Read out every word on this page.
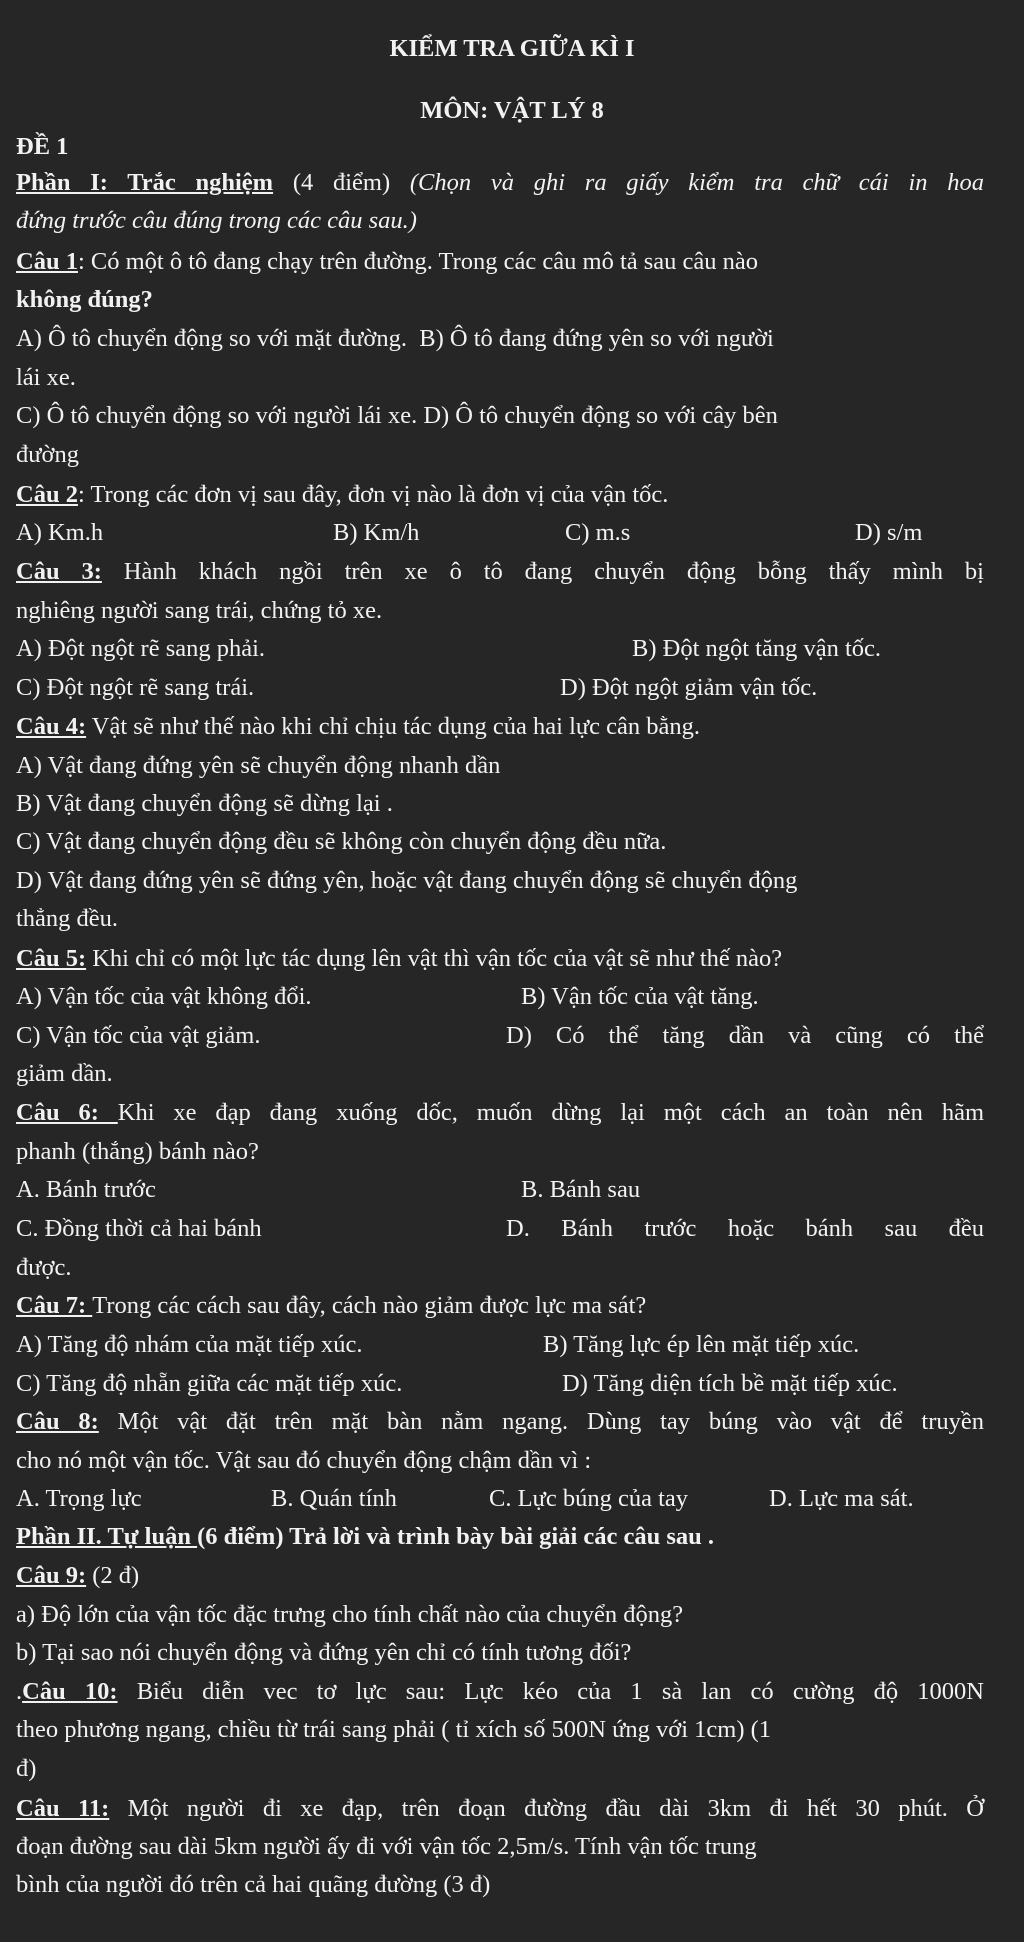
KIỂM TRA GIỮA KÌ I
MÔN: VẬT LÝ 8
ĐỀ 1
Phần I: Trắc nghiệm (4 điểm) (Chọn và ghi ra giấy kiểm tra chữ cái in hoa
đứng trước câu đúng trong các câu sau.)
Câu 1: Có một ô tô đang chạy trên đường. Trong các câu mô tả sau câu nào
không đúng?
A) Ô tô chuyển động so với mặt đường. B) Ô tô đang đứng yên so với người
lái xe.
C) Ô tô chuyển động so với người lái xe. D) Ô tô chuyển động so với cây bên
đường
Câu 2: Trong các đơn vị sau đây, đơn vị nào là đơn vị của vận tốc.
A) Km.h	B) Km/h	C) m.s	D) s/m
Câu 3: Hành khách ngồi trên xe ô tô đang chuyển động bỗng thấy mình bị
nghiêng người sang trái, chứng tỏ xe.
A) Đột ngột rẽ sang phải.	B) Đột ngột tăng vận tốc.
C) Đột ngột rẽ sang trái.	D) Đột ngột giảm vận tốc.
Câu 4: Vật sẽ như thế nào khi chỉ chịu tác dụng của hai lực cân bằng.
A) Vật đang đứng yên sẽ chuyển động nhanh dần
B) Vật đang chuyển động sẽ dừng lại .
C) Vật đang chuyển động đều sẽ không còn chuyển động đều nữa.
D) Vật đang đứng yên sẽ đứng yên, hoặc vật đang chuyển động sẽ chuyển động
thẳng đều.
Câu 5: Khi chỉ có một lực tác dụng lên vật thì vận tốc của vật sẽ như thế nào?
A) Vận tốc của vật không đổi.	B) Vận tốc của vật tăng.
C) Vận tốc của vật giảm.	D) Có thể tăng dần và cũng có thể
giảm dần.
Câu 6: Khi xe đạp đang xuống dốc, muốn dừng lại một cách an toàn nên hãm
phanh (thắng) bánh nào?
A. Bánh trước	B. Bánh sau
C. Đồng thời cả hai bánh	D. Bánh trước hoặc bánh sau đều
được.
Câu 7: Trong các cách sau đây, cách nào giảm được lực ma sát?
A) Tăng độ nhám của mặt tiếp xúc.	B) Tăng lực ép lên mặt tiếp xúc.
C) Tăng độ nhẵn giữa các mặt tiếp xúc.	D) Tăng diện tích bề mặt tiếp xúc.
Câu 8: Một vật đặt trên mặt bàn nằm ngang. Dùng tay búng vào vật để truyền
cho nó một vận tốc. Vật sau đó chuyển động chậm dần vì :
A. Trọng lực	B. Quán tính	C. Lực búng của tay	D. Lực ma sát.
Phần II. Tự luận (6 điểm) Trả lời và trình bày bài giải các câu sau .
Câu 9: (2 đ)
a) Độ lớn của vận tốc đặc trưng cho tính chất nào của chuyển động?
b) Tại sao nói chuyển động và đứng yên chỉ có tính tương đối?
.Câu 10: Biểu diễn vec tơ lực sau: Lực kéo của 1 sà lan có cường độ 1000N
theo phương ngang, chiều từ trái sang phải ( tỉ xích số 500N ứng với 1cm) (1
đ)
Câu 11: Một người đi xe đạp, trên đoạn đường đầu dài 3km đi hết 30 phút. Ở
đoạn đường sau dài 5km người ấy đi với vận tốc 2,5m/s. Tính vận tốc trung
bình của người đó trên cả hai quãng đường (3 đ)
